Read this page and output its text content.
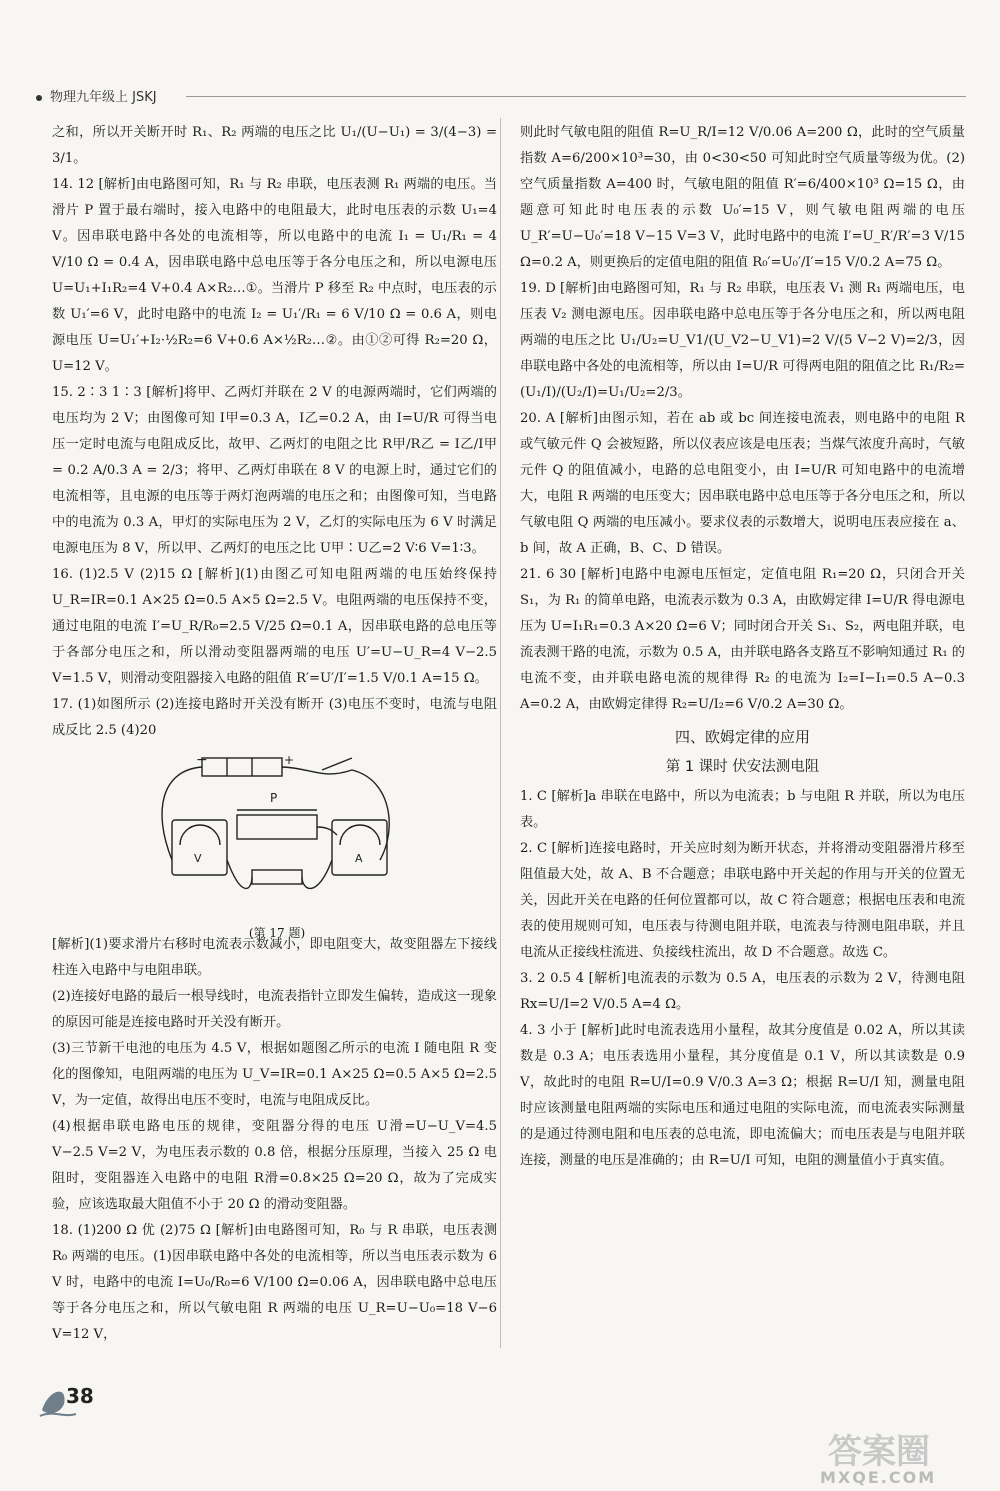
物理九年级上 JSKJ

之和，所以开关断开时 R₁、R₂ 两端的电压之比 U₁/(U−U₁) = 3/(4−3) = 3/1。

14. 12 [解析]由电路图可知，R₁ 与 R₂ 串联，电压表测 R₁ 两端的电压。当滑片 P 置于最右端时，接入电路中的电阻最大，此时电压表的示数 U₁=4 V。因串联电路中各处的电流相等，所以电路中的电流 I₁ = U₁/R₁ = 4 V/10 Ω = 0.4 A，因串联电路中总电压等于各分电压之和，所以电源电压 U=U₁+I₁R₂=4 V+0.4 A×R₂…①。当滑片 P 移至 R₂ 中点时，电压表的示数 U₁′=6 V，此时电路中的电流 I₂ = U₁′/R₁ = 6 V/10 Ω = 0.6 A，则电源电压 U=U₁′+I₂·½R₂=6 V+0.6 A×½R₂…②。由①②可得 R₂=20 Ω，U=12 V。

15. 2∶3 1∶3 [解析]将甲、乙两灯并联在 2 V 的电源两端时，它们两端的电压均为 2 V；由图像可知 I甲=0.3 A，I乙=0.2 A，由 I=U/R 可得当电压一定时电流与电阻成反比，故甲、乙两灯的电阻之比 R甲/R乙 = I乙/I甲 = 0.2 A/0.3 A = 2/3；将甲、乙两灯串联在 8 V 的电源上时，通过它们的电流相等，且电源的电压等于两灯泡两端的电压之和；由图像可知，当电路中的电流为 0.3 A，甲灯的实际电压为 2 V，乙灯的实际电压为 6 V 时满足电源电压为 8 V，所以甲、乙两灯的电压之比 U甲∶U乙=2 V∶6 V=1∶3。

16. (1)2.5 V (2)15 Ω [解析](1)由图乙可知电阻两端的电压始终保持 U_R=IR=0.1 A×25 Ω=0.5 A×5 Ω=2.5 V。电阻两端的电压保持不变，通过电阻的电流 I′=U_R/R₀=2.5 V/25 Ω=0.1 A，因串联电路的总电压等于各部分电压之和，所以滑动变阻器两端的电压 U′=U−U_R=4 V−2.5 V=1.5 V，则滑动变阻器接入电路的阻值 R′=U′/I′=1.5 V/0.1 A=15 Ω。

17. (1)如图所示 (2)连接电路时开关没有断开 (3)电压不变时，电流与电阻成反比 2.5 (4)20

P
V	A
−	+
(第 17 题)

[解析](1)要求滑片右移时电流表示数减小，即电阻变大，故变阻器左下接线柱连入电路中与电阻串联。

(2)连接好电路的最后一根导线时，电流表指针立即发生偏转，造成这一现象的原因可能是连接电路时开关没有断开。

(3)三节新干电池的电压为 4.5 V，根据如题图乙所示的电流 I 随电阻 R 变化的图像知，电阻两端的电压为 U_V=IR=0.1 A×25 Ω=0.5 A×5 Ω=2.5 V，为一定值，故得出电压不变时，电流与电阻成反比。

(4)根据串联电路电压的规律，变阻器分得的电压 U滑=U−U_V=4.5 V−2.5 V=2 V，为电压表示数的 0.8 倍，根据分压原理，当接入 25 Ω 电阻时，变阻器连入电路中的电阻 R滑=0.8×25 Ω=20 Ω，故为了完成实验，应该选取最大阻值不小于 20 Ω 的滑动变阻器。

18. (1)200 Ω 优 (2)75 Ω [解析]由电路图可知，R₀ 与 R 串联，电压表测 R₀ 两端的电压。(1)因串联电路中各处的电流相等，所以当电压表示数为 6 V 时，电路中的电流 I=U₀/R₀=6 V/100 Ω=0.06 A，因串联电路中总电压等于各分电压之和，所以气敏电阻 R 两端的电压 U_R=U−U₀=18 V−6 V=12 V，

则此时气敏电阻的阻值 R=U_R/I=12 V/0.06 A=200 Ω，此时的空气质量指数 A=6/200×10³=30，由 0<30<50 可知此时空气质量等级为优。(2)空气质量指数 A=400 时，气敏电阻的阻值 R′=6/400×10³ Ω=15 Ω，由题意可知此时电压表的示数 U₀′=15 V，则气敏电阻两端的电压 U_R′=U−U₀′=18 V−15 V=3 V，此时电路中的电流 I′=U_R′/R′=3 V/15 Ω=0.2 A，则更换后的定值电阻的阻值 R₀′=U₀′/I′=15 V/0.2 A=75 Ω。

19. D [解析]由电路图可知，R₁ 与 R₂ 串联，电压表 V₁ 测 R₁ 两端电压，电压表 V₂ 测电源电压。因串联电路中总电压等于各分电压之和，所以两电阻两端的电压之比 U₁/U₂=U_V1/(U_V2−U_V1)=2 V/(5 V−2 V)=2/3，因串联电路中各处的电流相等，所以由 I=U/R 可得两电阻的阻值之比 R₁/R₂=(U₁/I)/(U₂/I)=U₁/U₂=2/3。

20. A [解析]由图示知，若在 ab 或 bc 间连接电流表，则电路中的电阻 R 或气敏元件 Q 会被短路，所以仪表应该是电压表；当煤气浓度升高时，气敏元件 Q 的阻值减小，电路的总电阻变小，由 I=U/R 可知电路中的电流增大，电阻 R 两端的电压变大；因串联电路中总电压等于各分电压之和，所以气敏电阻 Q 两端的电压减小。要求仪表的示数增大，说明电压表应接在 a、b 间，故 A 正确，B、C、D 错误。

21. 6 30 [解析]电路中电源电压恒定，定值电阻 R₁=20 Ω，只闭合开关 S₁，为 R₁ 的简单电路，电流表示数为 0.3 A，由欧姆定律 I=U/R 得电源电压为 U=I₁R₁=0.3 A×20 Ω=6 V；同时闭合开关 S₁、S₂，两电阻并联，电流表测干路的电流，示数为 0.5 A，由并联电路各支路互不影响知通过 R₁ 的电流不变，由并联电路电流的规律得 R₂ 的电流为 I₂=I−I₁=0.5 A−0.3 A=0.2 A，由欧姆定律得 R₂=U/I₂=6 V/0.2 A=30 Ω。

四、欧姆定律的应用
第 1 课时 伏安法测电阻

1. C [解析]a 串联在电路中，所以为电流表；b 与电阻 R 并联，所以为电压表。

2. C [解析]连接电路时，开关应时刻为断开状态，并将滑动变阻器滑片移至阻值最大处，故 A、B 不合题意；串联电路中开关起的作用与开关的位置无关，因此开关在电路的任何位置都可以，故 C 符合题意；根据电压表和电流表的使用规则可知，电压表与待测电阻并联，电流表与待测电阻串联，并且电流从正接线柱流进、负接线柱流出，故 D 不合题意。故选 C。

3. 2 0.5 4 [解析]电流表的示数为 0.5 A，电压表的示数为 2 V，待测电阻 Rx=U/I=2 V/0.5 A=4 Ω。

4. 3 小于 [解析]此时电流表选用小量程，故其分度值是 0.02 A，所以其读数是 0.3 A；电压表选用小量程，其分度值是 0.1 V，所以其读数是 0.9 V，故此时的电阻 R=U/I=0.9 V/0.3 A=3 Ω；根据 R=U/I 知，测量电阻时应该测量电阻两端的实际电压和通过电阻的实际电流，而电流表实际测量的是通过待测电阻和电压表的总电流，即电流偏大；而电压表是与电阻并联连接，测量的电压是准确的；由 R=U/I 可知，电阻的测量值小于真实值。

38
答案圈
MXQE.COM
